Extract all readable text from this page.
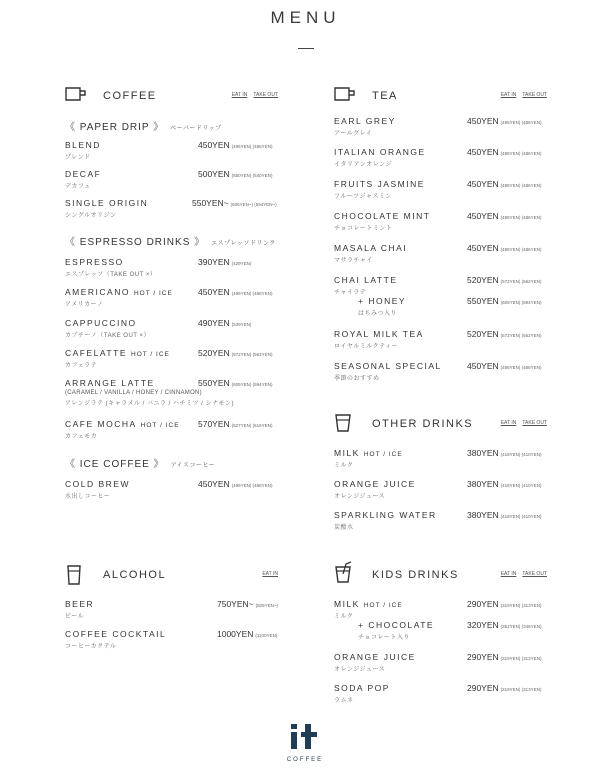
MENU
COFFEE	EAT IN TAKE OUT
《 PAPER DRIP 》 ペーパードリップ
BLEND
ブレンド
450YEN (495YEN) (486YEN)
DECAF
デカフェ
500YEN (550YEN) (540YEN)
SINGLE ORIGIN
シングルオリジン
550YEN~ (605YEN~) (594YEN~)
《 ESPRESSO DRINKS 》 エスプレッソドリンク
ESPRESSO
エスプレッソ（TAKE OUT ×）
390YEN (429YEN)
AMERICANO HOT / ICE
アメリカーノ
450YEN (495YEN) (486YEN)
CAPPUCCINO
カプチーノ（TAKE OUT ×）
490YEN (539YEN)
CAFELATTE HOT / ICE
カフェラテ
520YEN (572YEN) (562YEN)
ARRANGE LATTE
(CARAMEL / VANILLA / HONEY / CINNAMON)
アレンジラテ (キャラメル / バニラ / ハチミツ / シナモン)
550YEN (605YEN) (594YEN)
CAFE MOCHA HOT / ICE
カフェモカ
570YEN (627YEN) (616YEN)
《 ICE COFFEE 》 アイスコーヒー
COLD BREW
水出しコーヒー
450YEN (495YEN) (486YEN)
TEA	EAT IN TAKE OUT
EARL GREY
アールグレイ
450YEN (495YEN) (486YEN)
ITALIAN ORANGE
イタリアンオレンジ
450YEN (495YEN) (486YEN)
FRUITS JASMINE
フルーツジャスミン
450YEN (495YEN) (486YEN)
CHOCOLATE MINT
チョコレートミント
450YEN (495YEN) (486YEN)
MASALA CHAI
マサラチャイ
450YEN (495YEN) (486YEN)
CHAI LATTE
チャイラテ
520YEN (572YEN) (562YEN)
+ HONEY
はちみつ入り
550YEN (605YEN) (594YEN)
ROYAL MILK TEA
ロイヤルミルクティー
520YEN (572YEN) (562YEN)
SEASONAL SPECIAL
季節のおすすめ
450YEN (495YEN) (486YEN)
OTHER DRINKS	EAT IN TAKE OUT
MILK HOT / ICE
ミルク
380YEN (418YEN) (410YEN)
ORANGE JUICE
オレンジジュース
380YEN (418YEN) (410YEN)
SPARKLING WATER
炭酸水
380YEN (418YEN) (410YEN)
ALCOHOL	EAT IN
BEER
ビール
750YEN~ (825YEN~)
COFFEE COCKTAIL
コーヒーカクテル
1000YEN (1100YEN)
KIDS DRINKS	EAT IN TAKE OUT
MILK HOT / ICE
ミルク
290YEN (319YEN) (313YEN)
+ CHOCOLATE
チョコレート入り
320YEN (352YEN) (346YEN)
ORANGE JUICE
オレンジジュース
290YEN (319YEN) (313YEN)
SODA POP
ラムネ
290YEN (319YEN) (313YEN)
COFFEE
